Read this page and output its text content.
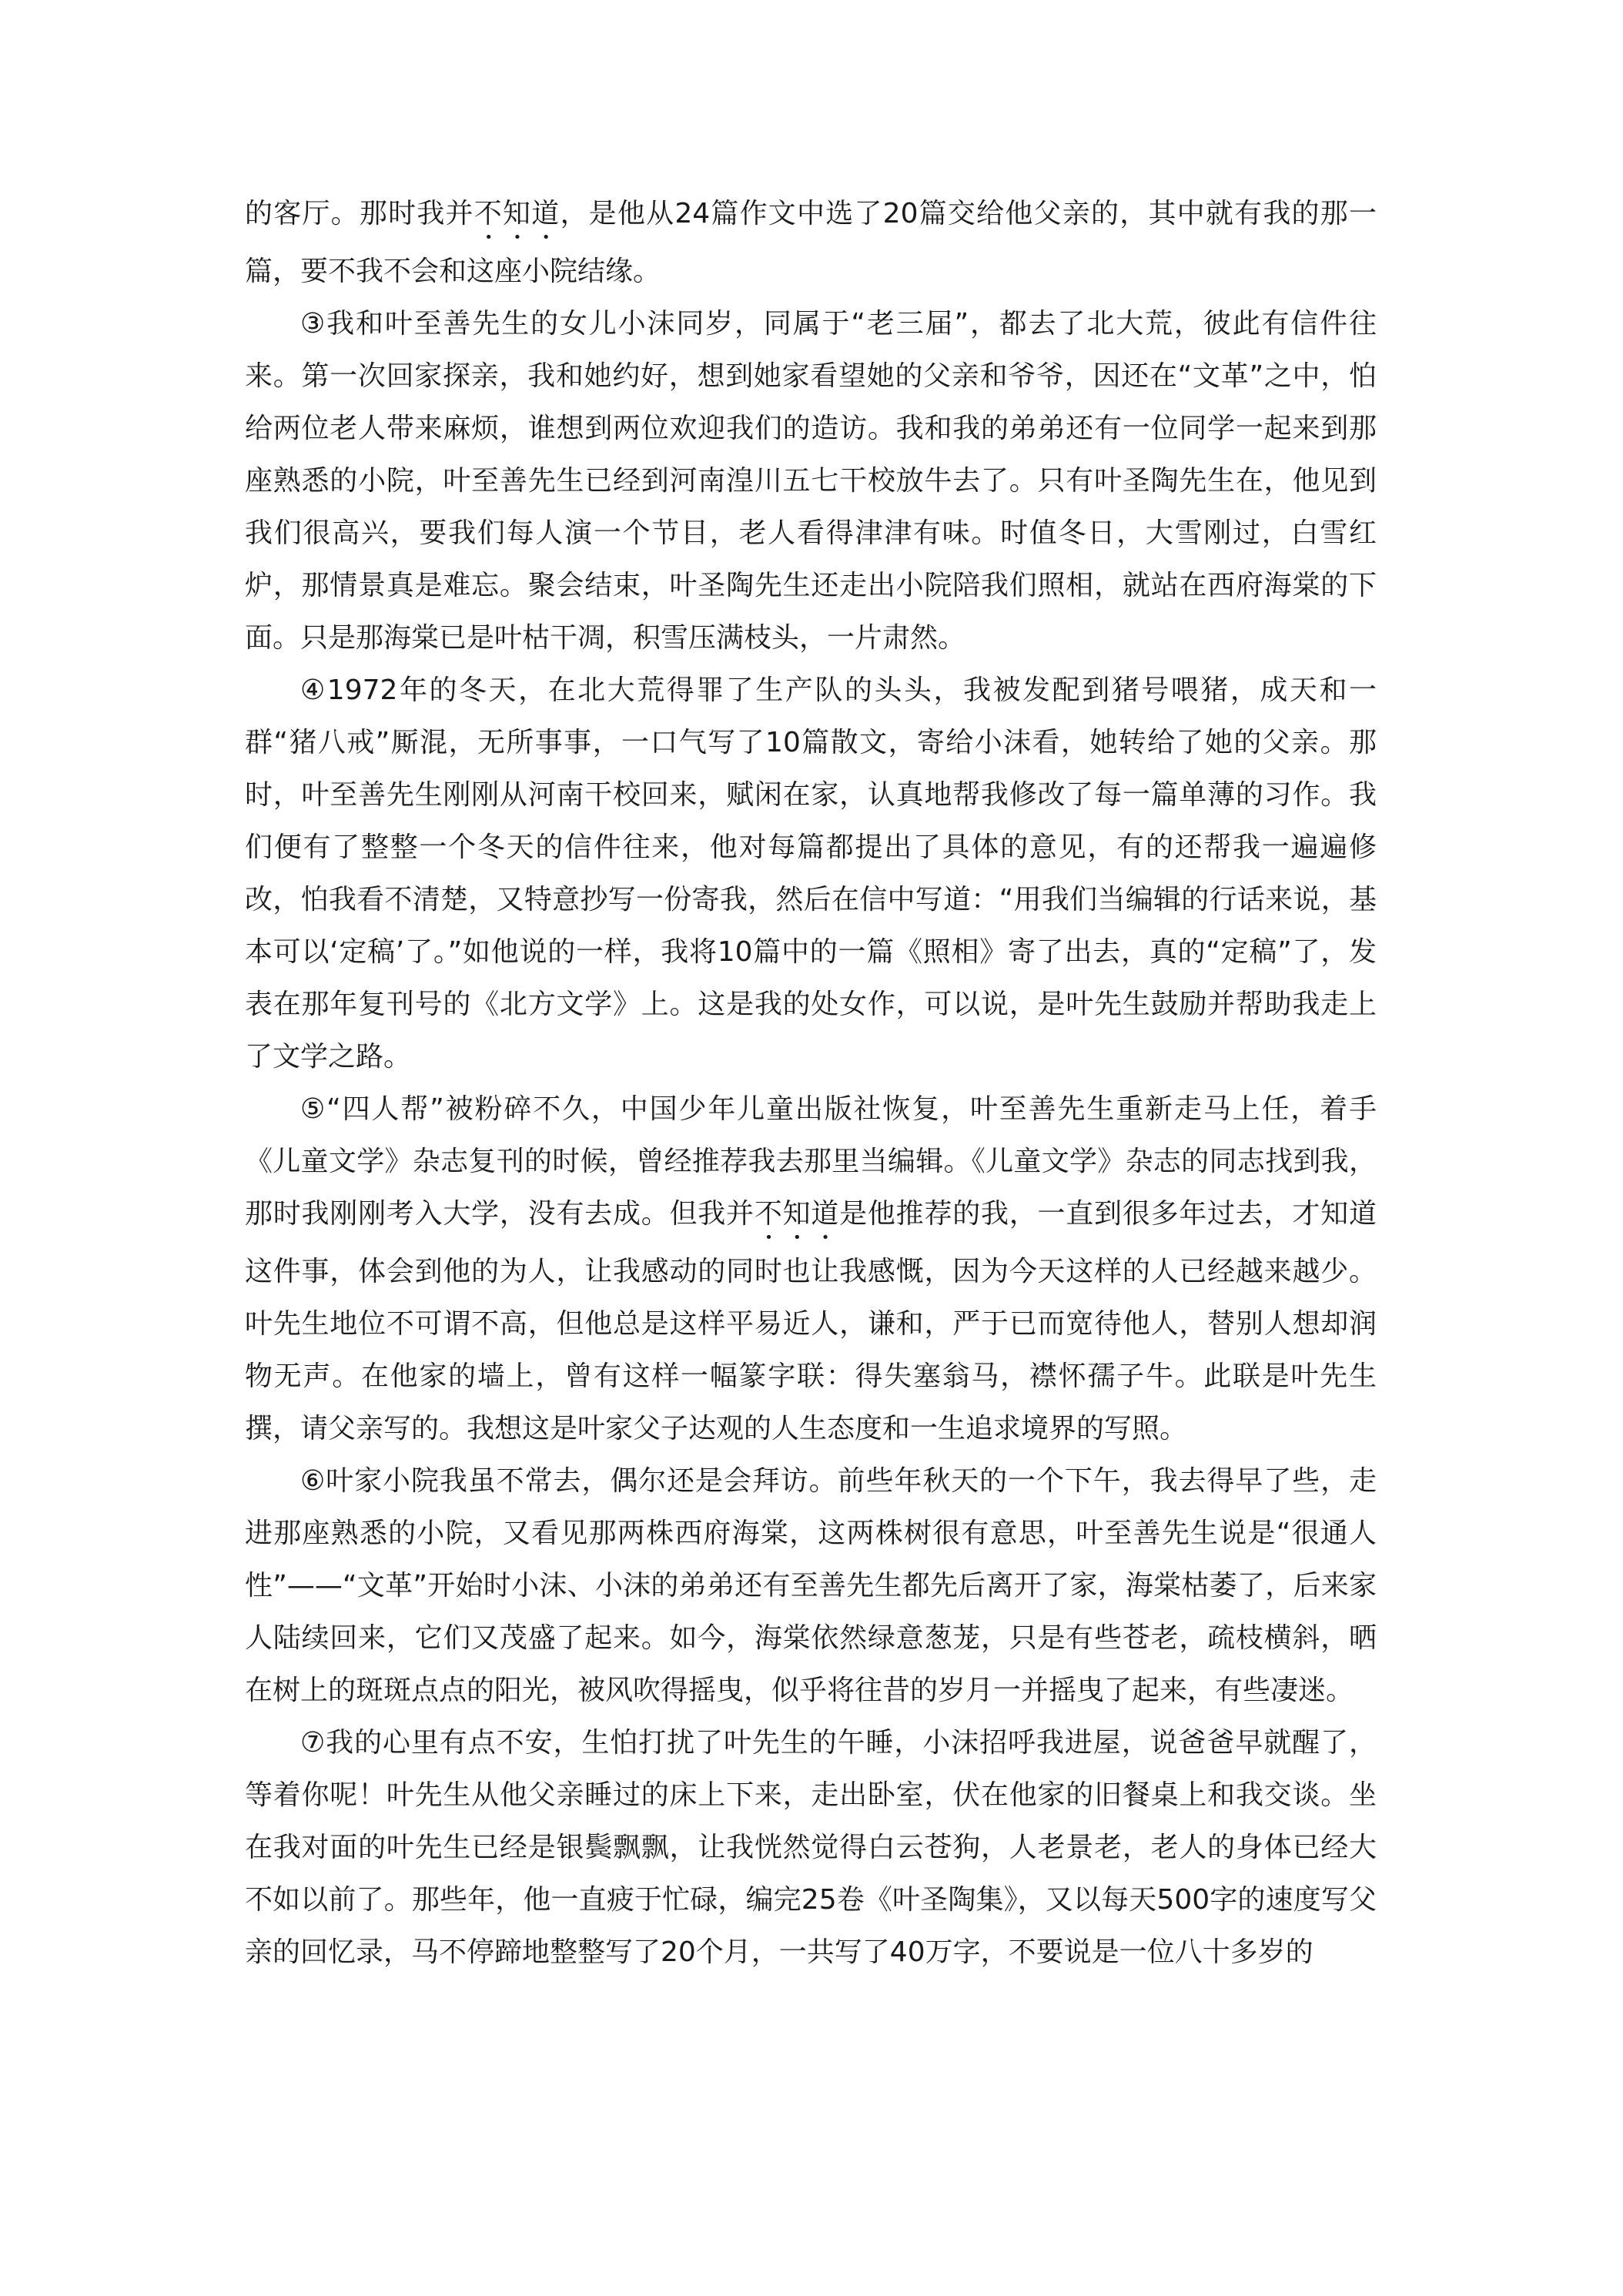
的客厅。那时我并不知道，是他从24篇作文中选了20篇交给他父亲的，其中就有我的那一篇，要不我不会和这座小院结缘。

③我和叶至善先生的女儿小沫同岁，同属于“老三届”，都去了北大荒，彼此有信件往来。第一次回家探亲，我和她约好，想到她家看望她的父亲和爷爷，因还在“文革”之中，怕给两位老人带来麻烦，谁想到两位欢迎我们的造访。我和我的弟弟还有一位同学一起来到那座熟悉的小院，叶至善先生已经到河南湟川五七干校放牛去了。只有叶圣陶先生在，他见到我们很高兴，要我们每人演一个节目，老人看得津津有味。时值冬日，大雪刚过，白雪红炉，那情景真是难忘。聚会结束，叶圣陶先生还走出小院陪我们照相，就站在西府海棠的下面。只是那海棠已是叶枯干凋，积雪压满枝头，一片肃然。

④1972年的冬天，在北大荒得罪了生产队的头头，我被发配到猪号喂猪，成天和一群“猪八戒”厮混，无所事事，一口气写了10篇散文，寄给小沫看，她转给了她的父亲。那时，叶至善先生刚刚从河南干校回来，赋闲在家，认真地帮我修改了每一篇单薄的习作。我们便有了整整一个冬天的信件往来，他对每篇都提出了具体的意见，有的还帮我一遍遍修改，怕我看不清楚，又特意抄写一份寄我，然后在信中写道：“用我们当编辑的行话来说，基本可以‘定稿’了。”如他说的一样，我将10篇中的一篇《照相》寄了出去，真的“定稿”了，发表在那年复刊号的《北方文学》上。这是我的处女作，可以说，是叶先生鼓励并帮助我走上了文学之路。

⑤“四人帮”被粉碎不久，中国少年儿童出版社恢复，叶至善先生重新走马上任，着手《儿童文学》杂志复刊的时候，曾经推荐我去那里当编辑。《儿童文学》杂志的同志找到我，那时我刚刚考入大学，没有去成。但我并不知道是他推荐的我，一直到很多年过去，才知道这件事，体会到他的为人，让我感动的同时也让我感慨，因为今天这样的人已经越来越少。叶先生地位不可谓不高，但他总是这样平易近人，谦和，严于已而宽待他人，替别人想却润物无声。在他家的墙上，曾有这样一幅篆字联：得失塞翁马，襟怀孺子牛。此联是叶先生撰，请父亲写的。我想这是叶家父子达观的人生态度和一生追求境界的写照。

⑥叶家小院我虽不常去，偶尔还是会拜访。前些年秋天的一个下午，我去得早了些，走进那座熟悉的小院，又看见那两株西府海棠，这两株树很有意思，叶至善先生说是“很通人性”——“文革”开始时小沫、小沫的弟弟还有至善先生都先后离开了家，海棠枯萎了，后来家人陆续回来，它们又茂盛了起来。如今，海棠依然绿意葱茏，只是有些苍老，疏枝横斜，晒在树上的斑斑点点的阳光，被风吹得摇曳，似乎将往昔的岁月一并摇曳了起来，有些凄迷。

⑦我的心里有点不安，生怕打扰了叶先生的午睡，小沫招呼我进屋，说爸爸早就醒了，等着你呢！叶先生从他父亲睡过的床上下来，走出卧室，伏在他家的旧餐桌上和我交谈。坐在我对面的叶先生已经是银鬓飘飘，让我恍然觉得白云苍狗，人老景老，老人的身体已经大不如以前了。那些年，他一直疲于忙碌，编完25卷《叶圣陶集》，又以每天500字的速度写父亲的回忆录，马不停蹄地整整写了20个月，一共写了40万字，不要说是一位八十多岁的
